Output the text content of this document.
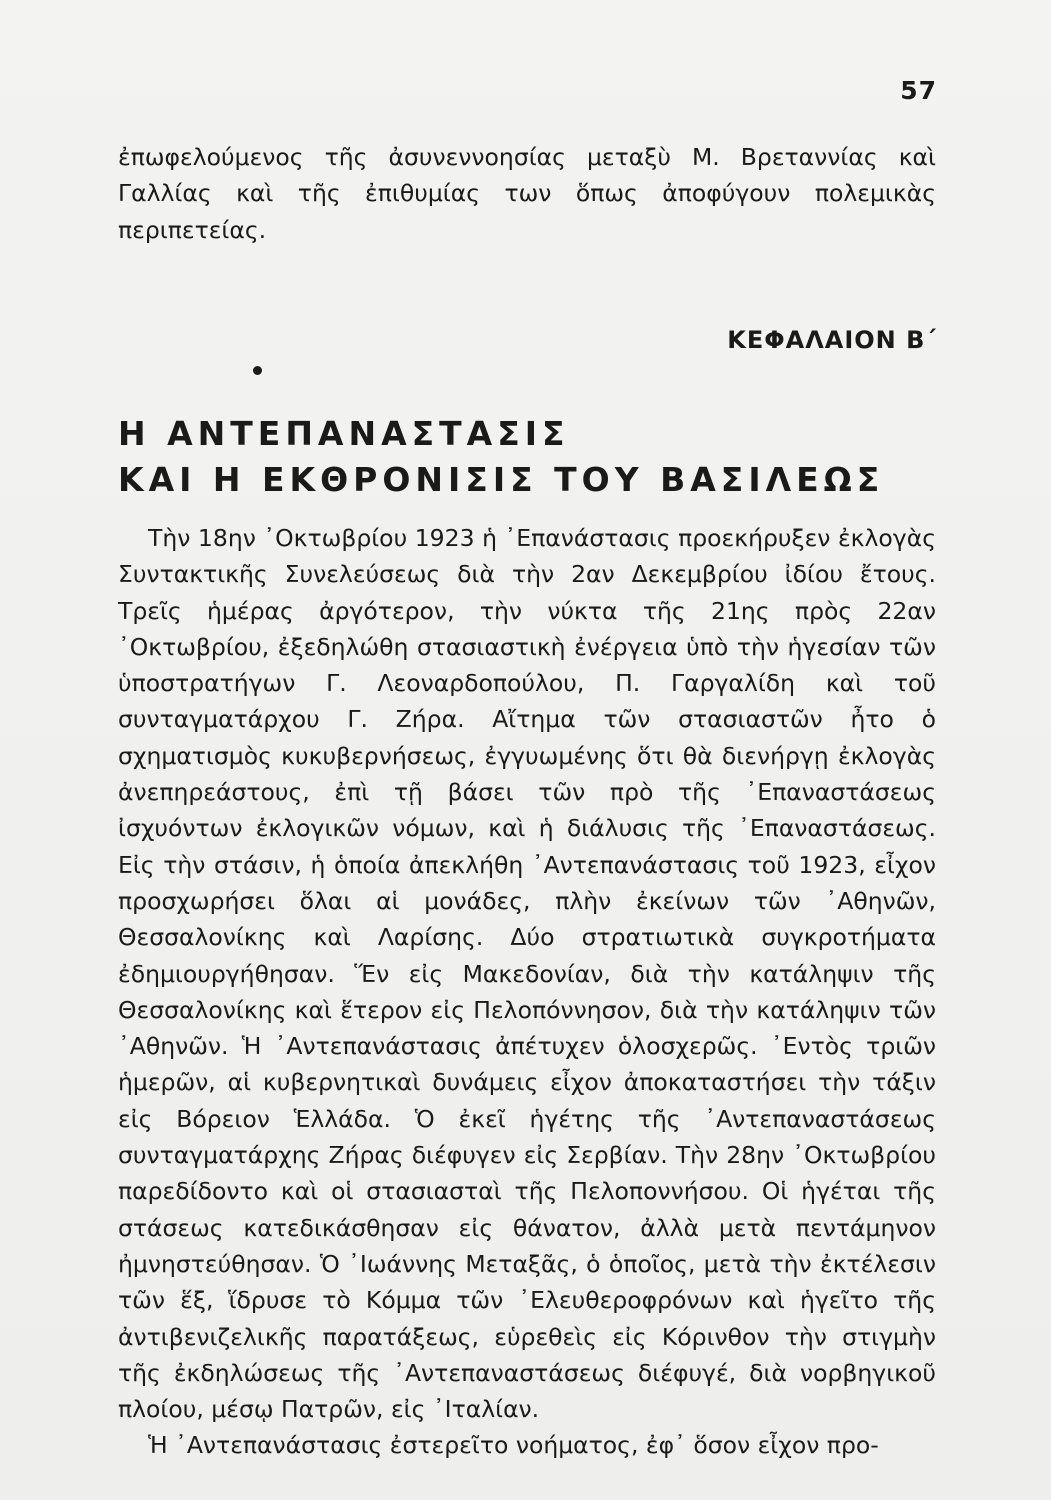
57
ἐπωφελούμενος τῆς ἀσυνεννοησίας μεταξὺ Μ. Βρεταννίας καὶ Γαλλίας καὶ τῆς ἐπιθυμίας των ὅπως ἀποφύγουν πολεμικὰς περιπετείας.
ΚΕΦΑΛΑΙΟΝ Β΄
Η ΑΝΤΕΠΑΝΑΣΤΑΣΙΣ
ΚΑΙ Η ΕΚΘΡΟΝΙΣΙΣ ΤΟΥ ΒΑΣΙΛΕΩΣ

Τὴν 18ην ᾽Οκτωβρίου 1923 ἡ ᾽Επανάστασις προεκήρυξεν ἐκλογὰς Συντακτικῆς Συνελεύσεως διὰ τὴν 2αν Δεκεμβρίου ἰδίου ἔτους. Τρεῖς ἡμέρας ἀργότερον, τὴν νύκτα τῆς 21ης πρὸς 22αν ᾽Οκτωβρίου, ἐξεδηλώθη στασιαστικὴ ἐνέργεια ὑπὸ τὴν ἡγεσίαν τῶν ὑποστρατήγων Γ. Λεοναρδοπούλου, Π. Γαργαλίδη καὶ τοῦ συνταγματάρχου Γ. Ζήρα. Αἴτημα τῶν στασιαστῶν ἦτο ὁ σχηματισμὸς κυκυβερνήσεως, ἐγγυωμένης ὅτι θὰ διενήργῃ ἐκλογὰς ἀνεπηρεάστους, ἐπὶ τῇ βάσει τῶν πρὸ τῆς ᾽Επαναστάσεως ἰσχυόντων ἐκλογικῶν νόμων, καὶ ἡ διάλυσις τῆς ᾽Επαναστάσεως. Εἰς τὴν στάσιν, ἡ ὁποία ἀπεκλήθη ᾽Αντεπανάστασις τοῦ 1923, εἶχον προσχωρήσει ὅλαι αἱ μονάδες, πλὴν ἐκείνων τῶν ᾽Αθηνῶν, Θεσσαλονίκης καὶ Λαρίσης. Δύο στρατιωτικὰ συγκροτήματα ἐδημιουργήθησαν. Ἕν εἰς Μακεδονίαν, διὰ τὴν κατάληψιν τῆς Θεσσαλονίκης καὶ ἕτερον εἰς Πελοπόννησον, διὰ τὴν κατάληψιν τῶν ᾽Αθηνῶν. Ἡ ᾽Αντεπανάστασις ἀπέτυχεν ὁλοσχερῶς. ᾽Εντὸς τριῶν ἡμερῶν, αἱ κυβερνητικαὶ δυνάμεις εἶχον ἀποκαταστήσει τὴν τάξιν εἰς Βόρειον Ἑλλάδα. Ὁ ἐκεῖ ἡγέτης τῆς ᾽Αντεπαναστάσεως συνταγματάρχης Ζήρας διέφυγεν εἰς Σερβίαν. Τὴν 28ην ᾽Οκτωβρίου παρεδίδοντο καὶ οἱ στασιασταὶ τῆς Πελοποννήσου. Οἱ ἡγέται τῆς στάσεως κατεδικάσθησαν εἰς θάνατον, ἀλλὰ μετὰ πεντάμηνον ἠμνηστεύθησαν. Ὁ ᾽Ιωάννης Μεταξᾶς, ὁ ὁποῖος, μετὰ τὴν ἐκτέλεσιν τῶν ἕξ, ἵδρυσε τὸ Κόμμα τῶν ᾽Ελευθεροφρόνων καὶ ἡγεῖτο τῆς ἀντιβενιζελικῆς παρατάξεως, εὑρεθεὶς εἰς Κόρινθον τὴν στιγμὴν τῆς ἐκδηλώσεως τῆς ᾽Αντεπαναστάσεως διέφυγέ, διὰ νορβηγικοῦ πλοίου, μέσῳ Πατρῶν, εἰς ᾽Ιταλίαν.

Ἡ ᾽Αντεπανάστασις ἐστερεῖτο νοήματος, ἐφ᾽ ὅσον εἶχον προ-
